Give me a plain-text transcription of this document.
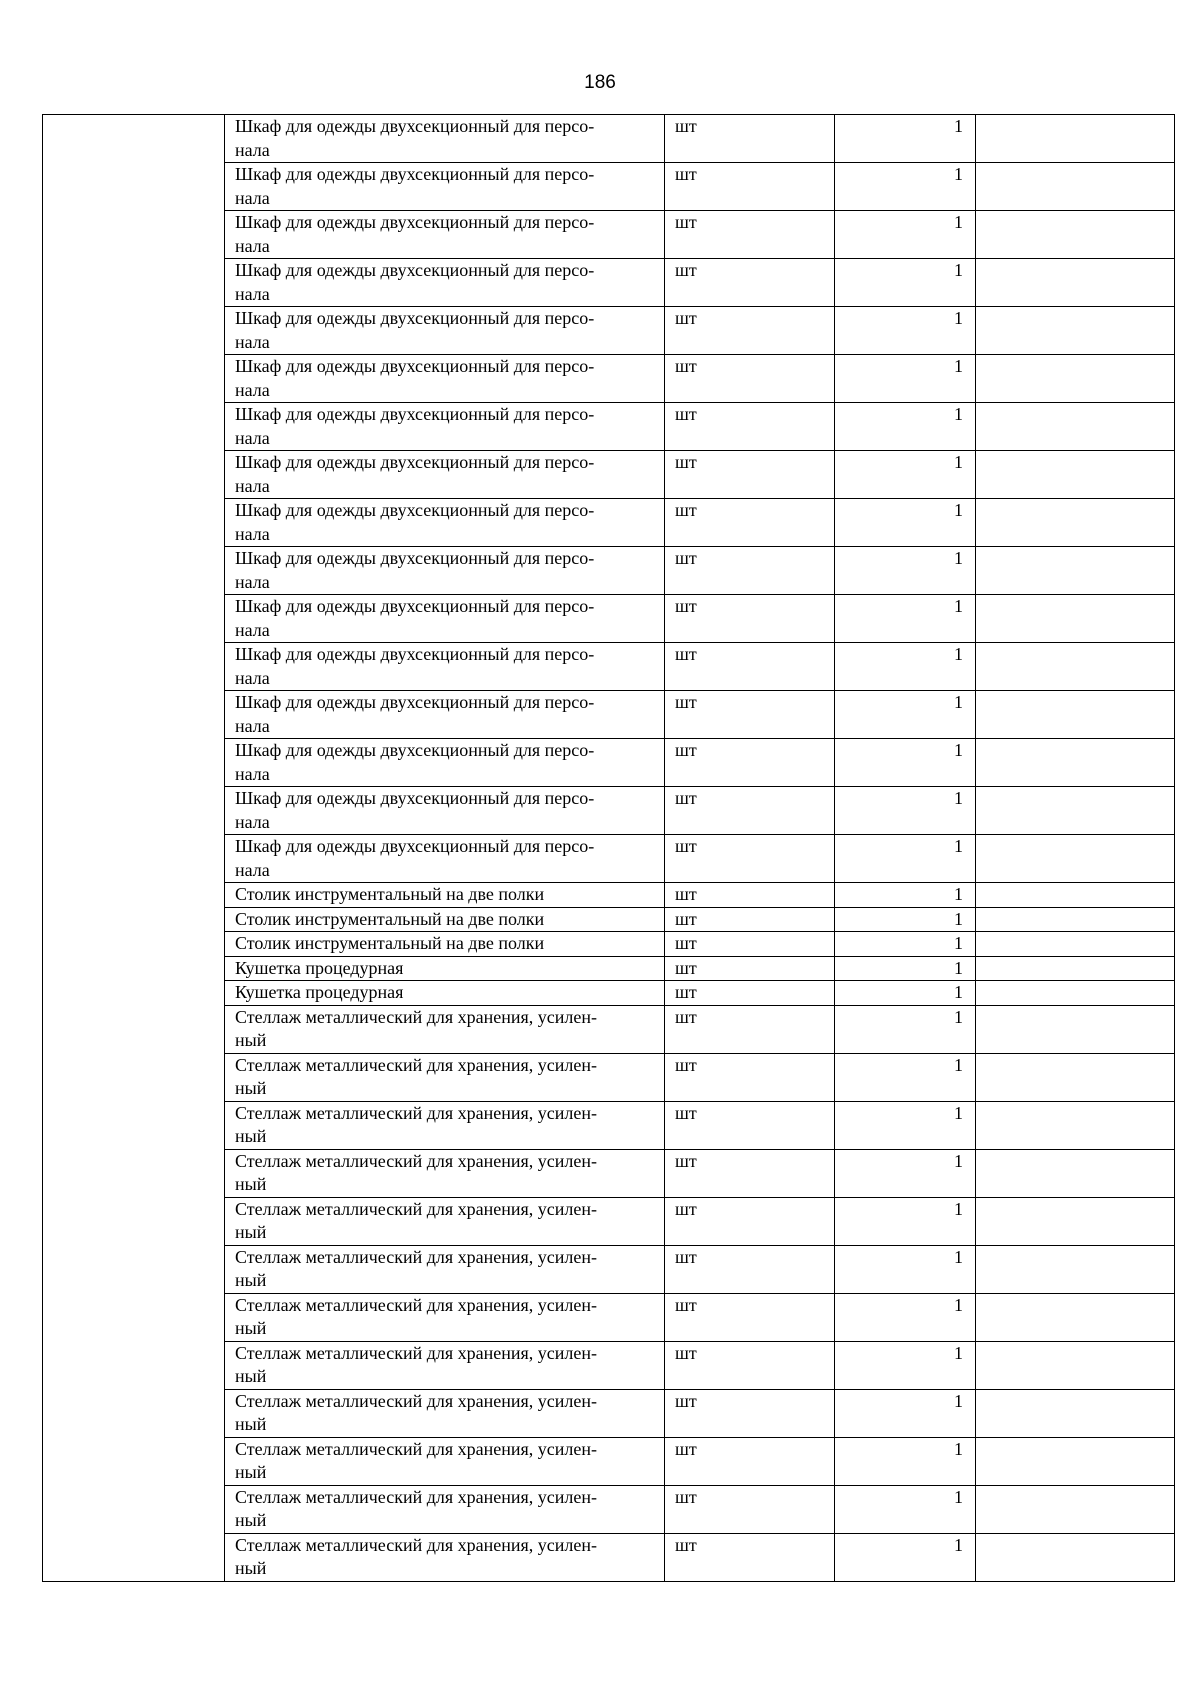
186

	Шкаф для одежды двухсекционный для персо-
нала	шт	1	

	Шкаф для одежды двухсекционный для персо-
нала	шт	1	

	Шкаф для одежды двухсекционный для персо-
нала	шт	1	

	Шкаф для одежды двухсекционный для персо-
нала	шт	1	

	Шкаф для одежды двухсекционный для персо-
нала	шт	1	

	Шкаф для одежды двухсекционный для персо-
нала	шт	1	

	Шкаф для одежды двухсекционный для персо-
нала	шт	1	

	Шкаф для одежды двухсекционный для персо-
нала	шт	1	

	Шкаф для одежды двухсекционный для персо-
нала	шт	1	

	Шкаф для одежды двухсекционный для персо-
нала	шт	1	

	Шкаф для одежды двухсекционный для персо-
нала	шт	1	

	Шкаф для одежды двухсекционный для персо-
нала	шт	1	

	Шкаф для одежды двухсекционный для персо-
нала	шт	1	

	Шкаф для одежды двухсекционный для персо-
нала	шт	1	

	Шкаф для одежды двухсекционный для персо-
нала	шт	1	

	Шкаф для одежды двухсекционный для персо-
нала	шт	1	

	Столик инструментальный на две полки	шт	1	

	Столик инструментальный на две полки	шт	1	

	Столик инструментальный на две полки	шт	1	

	Кушетка процедурная	шт	1	

	Кушетка процедурная	шт	1	

	Стеллаж металлический для хранения, усилен-
ный	шт	1	

	Стеллаж металлический для хранения, усилен-
ный	шт	1	

	Стеллаж металлический для хранения, усилен-
ный	шт	1	

	Стеллаж металлический для хранения, усилен-
ный	шт	1	

	Стеллаж металлический для хранения, усилен-
ный	шт	1	

	Стеллаж металлический для хранения, усилен-
ный	шт	1	

	Стеллаж металлический для хранения, усилен-
ный	шт	1	

	Стеллаж металлический для хранения, усилен-
ный	шт	1	

	Стеллаж металлический для хранения, усилен-
ный	шт	1	

	Стеллаж металлический для хранения, усилен-
ный	шт	1	

	Стеллаж металлический для хранения, усилен-
ный	шт	1	

	Стеллаж металлический для хранения, усилен-
ный	шт	1	
